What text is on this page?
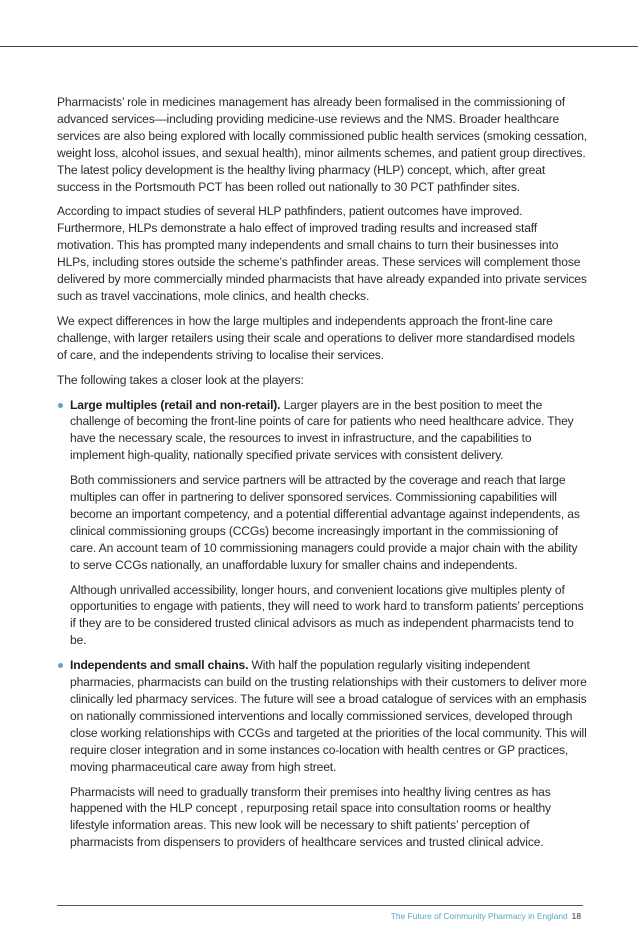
Pharmacists’ role in medicines management has already been formalised in the commissioning of advanced services—including providing medicine-use reviews and the NMS. Broader healthcare services are also being explored with locally commissioned public health services (smoking cessation, weight loss, alcohol issues, and sexual health), minor ailments schemes, and patient group directives. The latest policy development is the healthy living pharmacy (HLP) concept, which, after great success in the Portsmouth PCT has been rolled out nationally to 30 PCT pathfinder sites.

According to impact studies of several HLP pathfinders, patient outcomes have improved. Furthermore, HLPs demonstrate a halo effect of improved trading results and increased staff motivation. This has prompted many independents and small chains to turn their businesses into HLPs, including stores outside the scheme’s pathfinder areas. These services will complement those delivered by more commercially minded pharmacists that have already expanded into private services such as travel vaccinations, mole clinics, and health checks.

We expect differences in how the large multiples and independents approach the front-line care challenge, with larger retailers using their scale and operations to deliver more standardised models of care, and the independents striving to localise their services.

The following takes a closer look at the players:

Large multiples (retail and non-retail). Larger players are in the best position to meet the challenge of becoming the front-line points of care for patients who need healthcare advice. They have the necessary scale, the resources to invest in infrastructure, and the capabilities to implement high-quality, nationally specified private services with consistent delivery.

Both commissioners and service partners will be attracted by the coverage and reach that large multiples can offer in partnering to deliver sponsored services. Commissioning capabilities will become an important competency, and a potential differential advantage against independents, as clinical commissioning groups (CCGs) become increasingly important in the commissioning of care. An account team of 10 commissioning managers could provide a major chain with the ability to serve CCGs nationally, an unaffordable luxury for smaller chains and independents.

Although unrivalled accessibility, longer hours, and convenient locations give multiples plenty of opportunities to engage with patients, they will need to work hard to transform patients’ perceptions if they are to be considered trusted clinical advisors as much as independent pharmacists tend to be.

Independents and small chains. With half the population regularly visiting independent pharmacies, pharmacists can build on the trusting relationships with their customers to deliver more clinically led pharmacy services. The future will see a broad catalogue of services with an emphasis on nationally commissioned interventions and locally commissioned services, developed through close working relationships with CCGs and targeted at the priorities of the local community. This will require closer integration and in some instances co-location with health centres or GP practices, moving pharmaceutical care away from high street.

Pharmacists will need to gradually transform their premises into healthy living centres as has happened with the HLP concept , repurposing retail space into consultation rooms or healthy lifestyle information areas. This new look will be necessary to shift patients’ perception of pharmacists from dispensers to providers of healthcare services and trusted clinical advice.

The Future of Community Pharmacy in England 18
